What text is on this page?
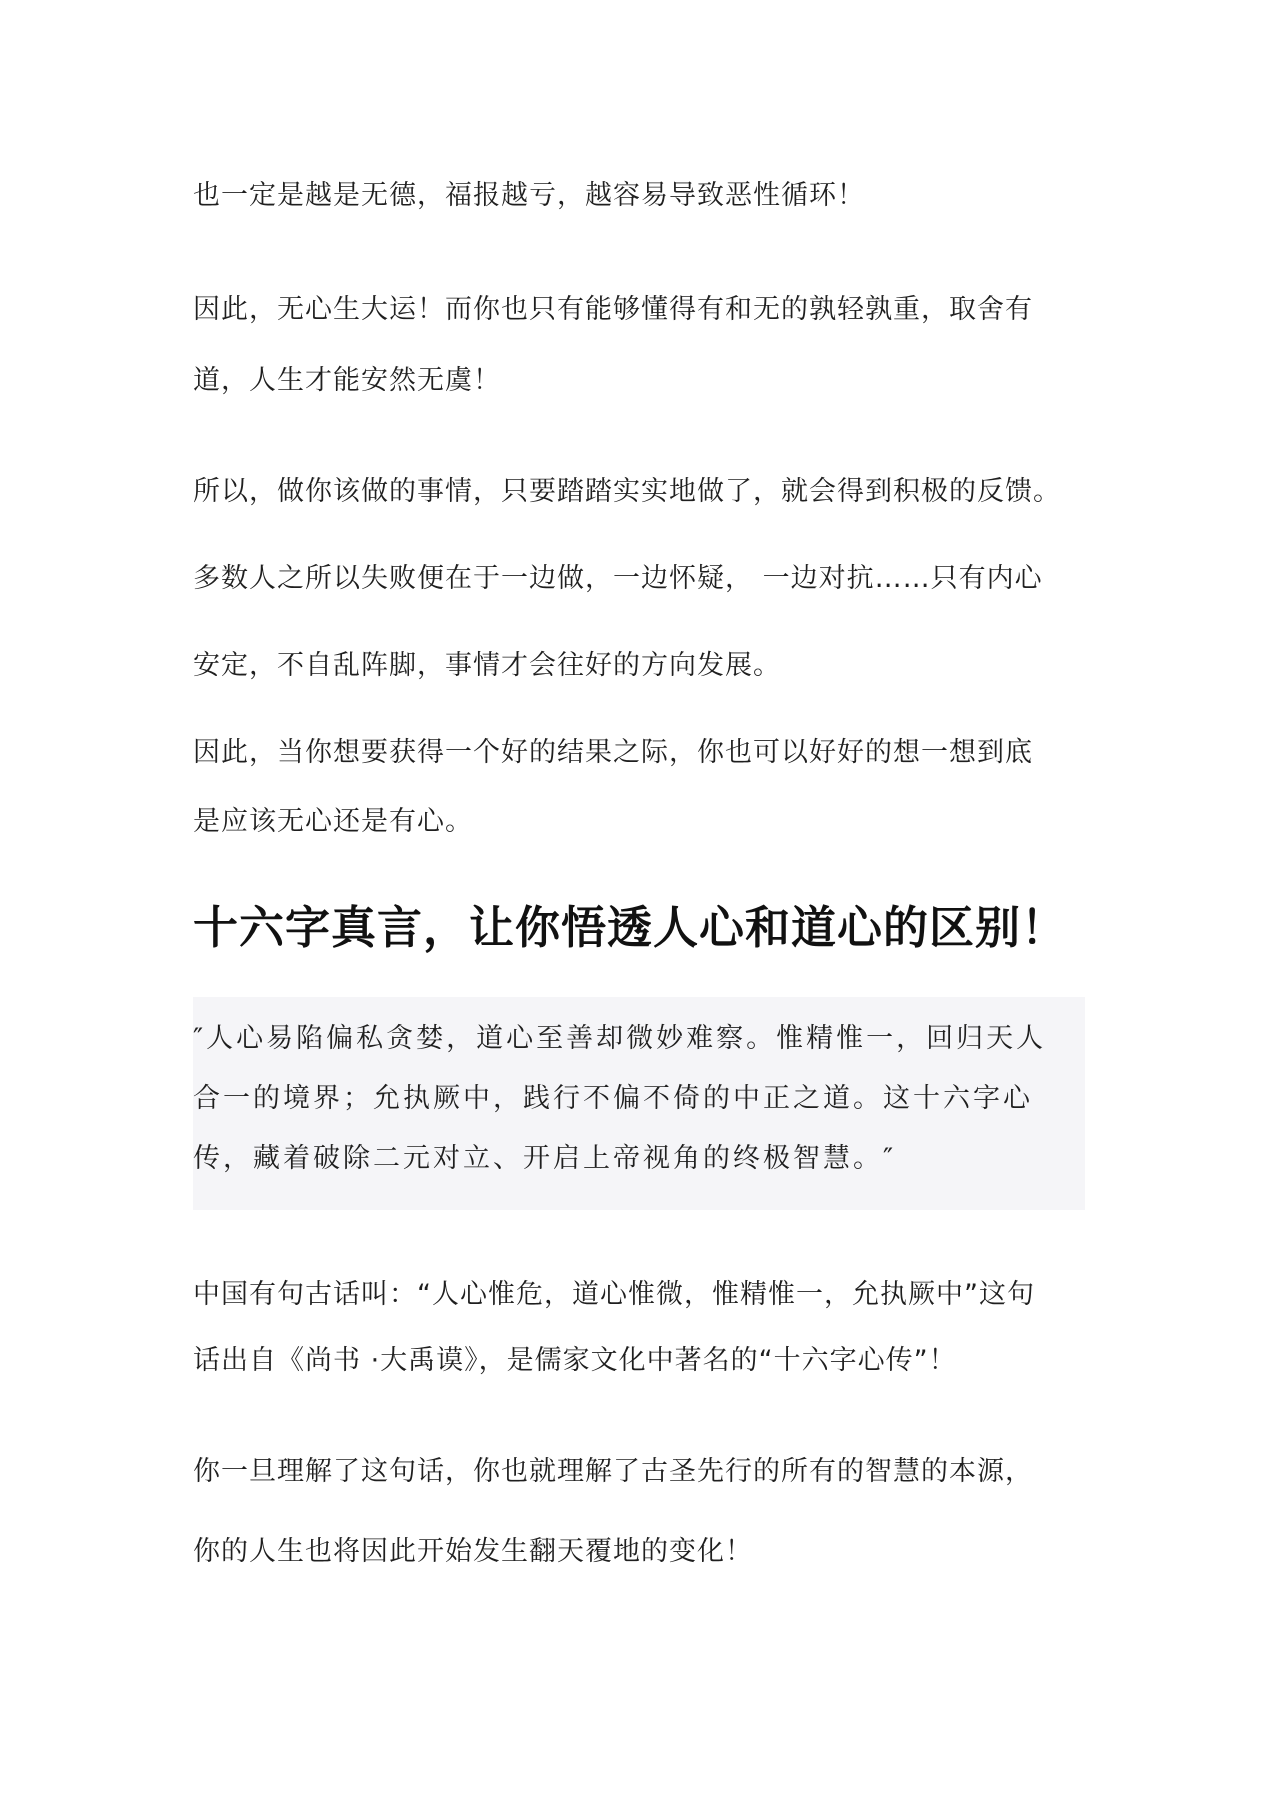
也一定是越是无德，福报越亏，越容易导致恶性循环！

因此，无心生大运！而你也只有能够懂得有和无的孰轻孰重，取舍有

道，人生才能安然无虞！

所以，做你该做的事情，只要踏踏实实地做了，就会得到积极的反馈。

多数人之所以失败便在于一边做，一边怀疑， 一边对抗……只有内心

安定，不自乱阵脚，事情才会往好的方向发展。

因此，当你想要获得一个好的结果之际，你也可以好好的想一想到底

是应该无心还是有心。

十六字真言，让你悟透人心和道心的区别！

″人心易陷偏私贪婪，道心至善却微妙难察。惟精惟一，回归天人

合一的境界；允执厥中，践行不偏不倚的中正之道。这十六字心

传，藏着破除二元对立、开启上帝视角的终极智慧。″

中国有句古话叫：“人心惟危，道心惟微，惟精惟一，允执厥中”这句

话出自《尚书 ·大禹谟》，是儒家文化中著名的“十六字心传”！

你一旦理解了这句话，你也就理解了古圣先行的所有的智慧的本源，

你的人生也将因此开始发生翻天覆地的变化！
